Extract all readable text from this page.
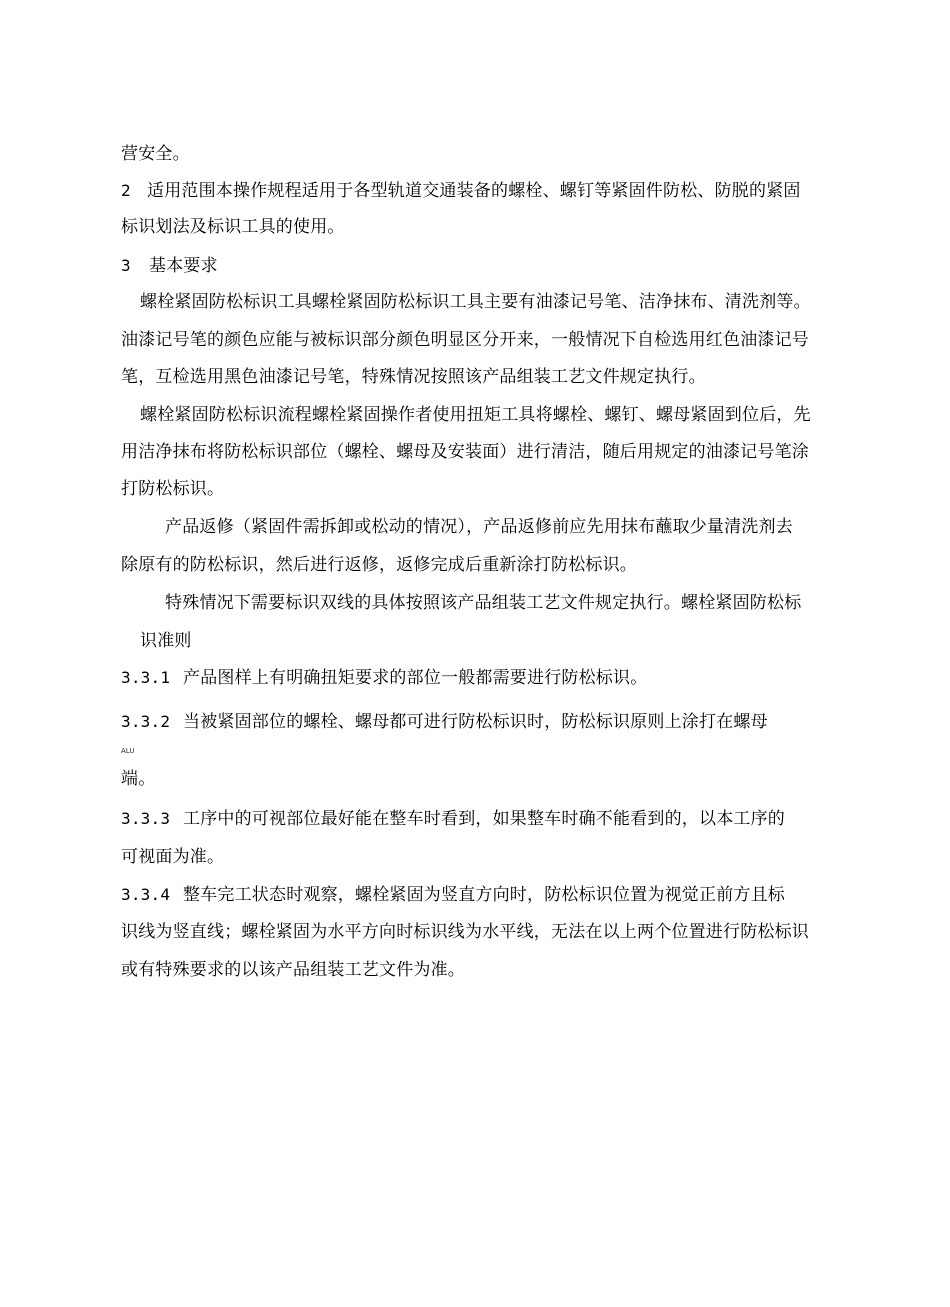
营安全。
2 适用范围本操作规程适用于各型轨道交通装备的螺栓、螺钉等紧固件防松、防脱的紧固
标识划法及标识工具的使用。
3 基本要求
螺栓紧固防松标识工具螺栓紧固防松标识工具主要有油漆记号笔、洁净抹布、清洗剂等。
油漆记号笔的颜色应能与被标识部分颜色明显区分开来，一般情况下自检选用红色油漆记号
笔，互检选用黑色油漆记号笔，特殊情况按照该产品组装工艺文件规定执行。
螺栓紧固防松标识流程螺栓紧固操作者使用扭矩工具将螺栓、螺钉、螺母紧固到位后，先
用洁净抹布将防松标识部位（螺栓、螺母及安装面）进行清洁，随后用规定的油漆记号笔涂
打防松标识。
产品返修（紧固件需拆卸或松动的情况），产品返修前应先用抹布蘸取少量清洗剂去
除原有的防松标识，然后进行返修，返修完成后重新涂打防松标识。
特殊情况下需要标识双线的具体按照该产品组装工艺文件规定执行。螺栓紧固防松标
识准则
3.3.1 产品图样上有明确扭矩要求的部位一般都需要进行防松标识。
3.3.2 当被紧固部位的螺栓、螺母都可进行防松标识时，防松标识原则上涂打在螺母
ALU
端。
3.3.3 工序中的可视部位最好能在整车时看到，如果整车时确不能看到的，以本工序的
可视面为准。
3.3.4 整车完工状态时观察，螺栓紧固为竖直方向时，防松标识位置为视觉正前方且标
识线为竖直线；螺栓紧固为水平方向时标识线为水平线，无法在以上两个位置进行防松标识
或有特殊要求的以该产品组装工艺文件为准。
